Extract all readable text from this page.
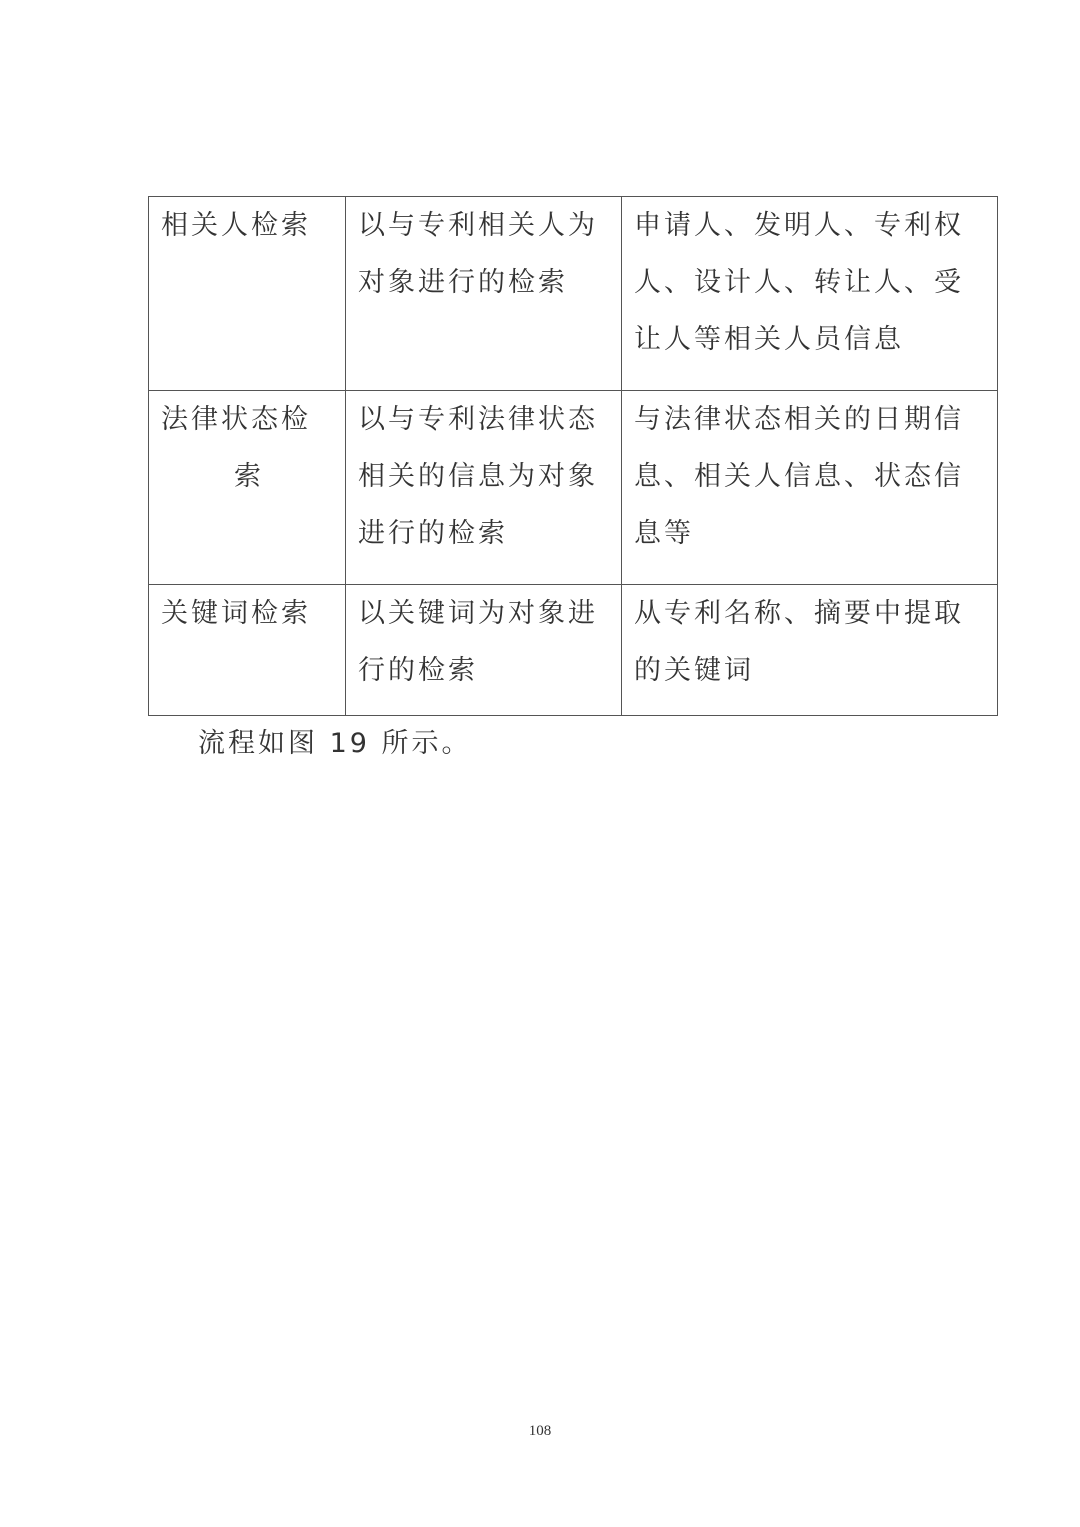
相关人检索	以与专利相关人为对象进行的检索	申请人、发明人、专利权人、设计人、转让人、受让人等相关人员信息

法律状态检索	以与专利法律状态相关的信息为对象进行的检索	与法律状态相关的日期信息、相关人信息、状态信息等

关键词检索	以关键词为对象进行的检索	从专利名称、摘要中提取的关键词
流程如图 19 所示。
108
